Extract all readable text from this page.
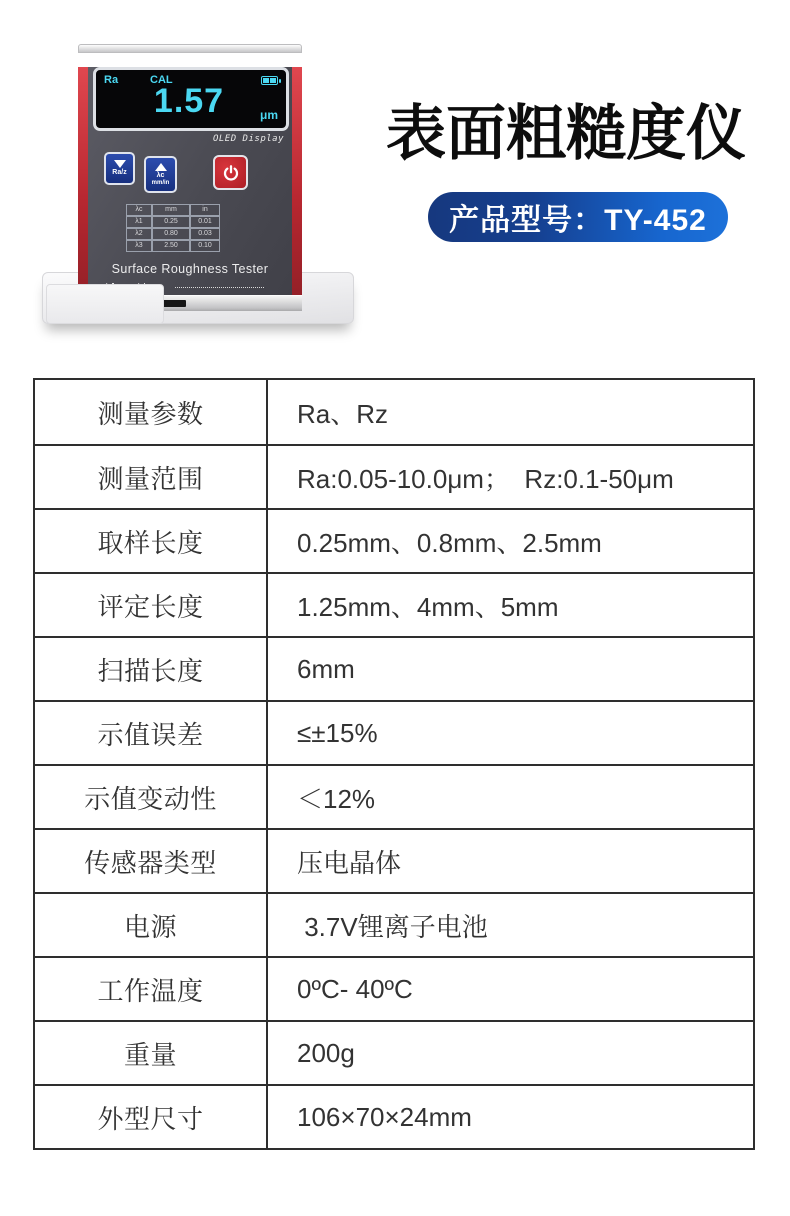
表面粗糙度仪
产品型号：TY-452
Ra	CAL
1.57	μm
OLED Display
Ra/z	λc
mm/in
λc	mm	in
λ1	0.25	0.01
λ2	0.80	0.03
λ3	2.50	0.10
Surface Roughness Tester
测量参数	Ra、Rz
测量范围	Ra:0.05-10.0μm；  Rz:0.1-50μm
取样长度	0.25mm、0.8mm、2.5mm
评定长度	1.25mm、4mm、5mm
扫描长度	6mm
示值误差	≤±15%
示值变动性	＜12%
传感器类型	压电晶体
电源	3.7V锂离子电池
工作温度	0ºC- 40ºC
重量	200g
外型尺寸	106×70×24mm
